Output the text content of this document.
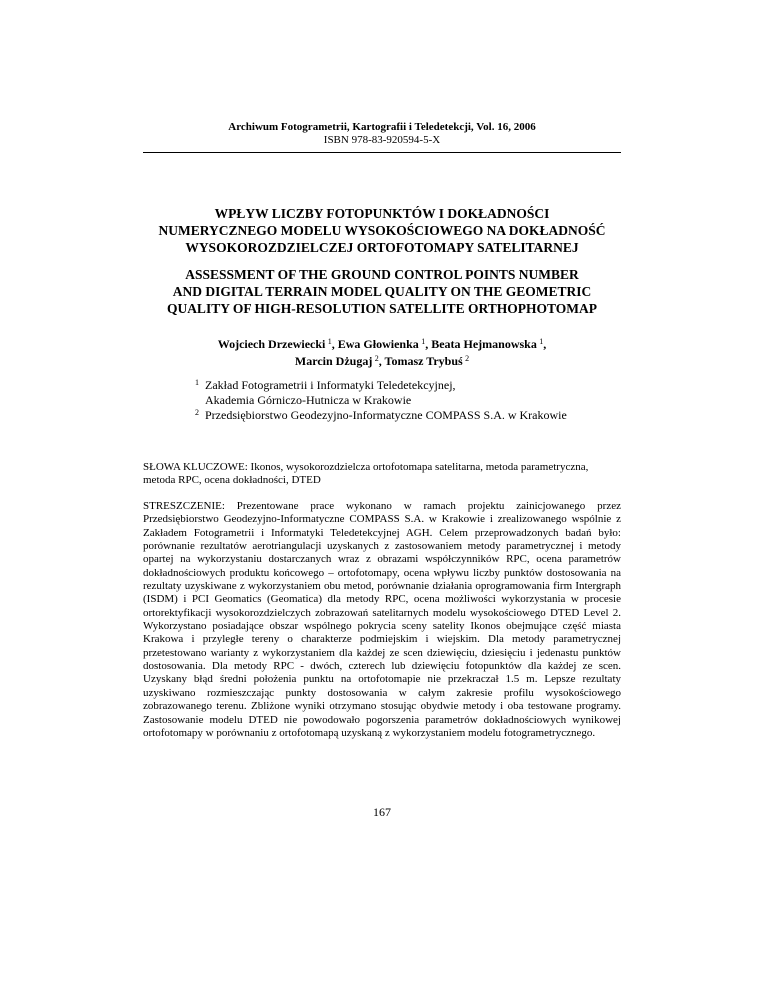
Archiwum Fotogrametrii, Kartografii i Teledetekcji, Vol. 16, 2006
ISBN 978-83-920594-5-X
WPŁYW LICZBY FOTOPUNKTÓW I DOKŁADNOŚCI
NUMERYCZNEGO MODELU WYSOKOŚCIOWEGO NA DOKŁADNOŚĆ
WYSOKOROZDZIELCZEJ ORTOFOTOMAPY SATELITARNEJ
ASSESSMENT OF THE GROUND CONTROL POINTS NUMBER
AND DIGITAL TERRAIN MODEL QUALITY ON THE GEOMETRIC
QUALITY OF HIGH-RESOLUTION SATELLITE ORTHOPHOTOMAP
Wojciech Drzewiecki  $^1$, Ewa Głowienka  $^1$, Beata Hejmanowska  $^1$,
Marcin Dżugaj  $^2$, Tomasz Trybuś  $^2$
1 Zakład Fotogrametrii i Informatyki Teledetekcyjnej,
Akademia Górniczo-Hutnicza w Krakowie
2 Przedsiębiorstwo Geodezyjno-Informatyczne COMPASS S.A. w Krakowie
SŁOWA KLUCZOWE: Ikonos, wysokorozdzielcza ortofotomapa satelitarna, metoda parametryczna,
metoda RPC, ocena dokładności, DTED
STRESZCZENIE: Prezentowane prace wykonano w ramach projektu zainicjowanego przez Przedsiębiorstwo Geodezyjno-Informatyczne COMPASS S.A. w Krakowie i zrealizowanego wspólnie z Zakładem Fotogrametrii i Informatyki Teledetekcyjnej AGH. Celem przeprowadzonych badań było: porównanie rezultatów aerotriangulacji uzyskanych z zastosowaniem metody parametrycznej i metody opartej na wykorzystaniu dostarczanych wraz z obrazami współczynników RPC, ocena parametrów dokładnościowych produktu końcowego – ortofotomapy, ocena wpływu liczby punktów dostosowania na rezultaty uzyskiwane z wykorzystaniem obu metod, porównanie działania oprogramowania firm Intergraph (ISDM) i PCI Geomatics (Geomatica) dla metody RPC, ocena możliwości wykorzystania w procesie ortorektyfikacji wysokorozdzielczych zobrazowań satelitarnych modelu wysokościowego DTED Level 2. Wykorzystano posiadające obszar wspólnego pokrycia sceny satelity Ikonos obejmujące część miasta Krakowa i przyległe tereny o charakterze podmiejskim i wiejskim. Dla metody parametrycznej przetestowano warianty z wykorzystaniem dla każdej ze scen dziewięciu, dziesięciu i jedenastu punktów dostosowania. Dla metody RPC - dwóch, czterech lub dziewięciu fotopunktów dla każdej ze scen. Uzyskany błąd średni położenia punktu na ortofotomapie nie przekraczał 1.5 m. Lepsze rezultaty uzyskiwano rozmieszczając punkty dostosowania w całym zakresie profilu wysokościowego zobrazowanego terenu. Zbliżone wyniki otrzymano stosując obydwie metody i oba testowane programy. Zastosowanie modelu DTED nie powodowało pogorszenia parametrów dokładnościowych wynikowej ortofotomapy w porównaniu z ortofotomapą uzyskaną z wykorzystaniem modelu fotogrametrycznego.
167
